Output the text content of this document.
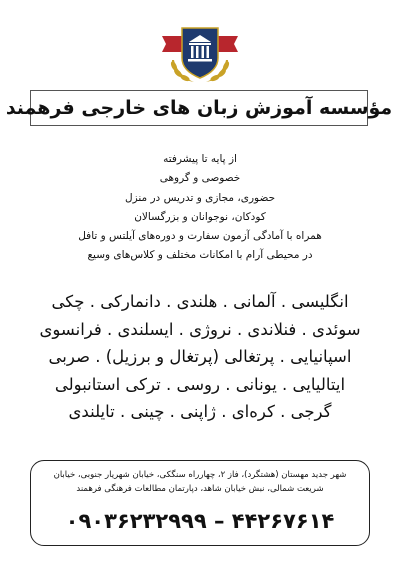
مؤسسه آموزش زبان های خارجی فرهمند
از پایه تا پیشرفته
خصوصی و گروهی
حضوری، مجازی و تدریس در منزل
کودکان، نوجوانان و بزرگسالان
همراه با آمادگی آزمون سفارت و دوره‌های آیلتس و تافل
در محیطی آرام با امکانات مختلف و کلاس‌های وسیع
انگلیسی . آلمانی . هلندی . دانمارکی . چکی
سوئدی . فنلاندی . نروژی . ایسلندی . فرانسوی
اسپانیایی . پرتغالی (پرتغال و برزیل) . صربی
ایتالیایی . یونانی . روسی . ترکی استانبولی
گرجی . کره‌ای . ژاپنی . چینی . تایلندی
شهر جدید مهستان (هشتگرد)، فاز ۲، چهارراه سنگکی، خیابان شهریار جنوبی، خیابان
شریعت شمالی، نبش خیابان شاهد، دپارتمان مطالعات فرهنگی فرهمند
۰۹۰۳۶۲۳۲۹۹۹ – ۴۴۲۶۷۶۱۴
